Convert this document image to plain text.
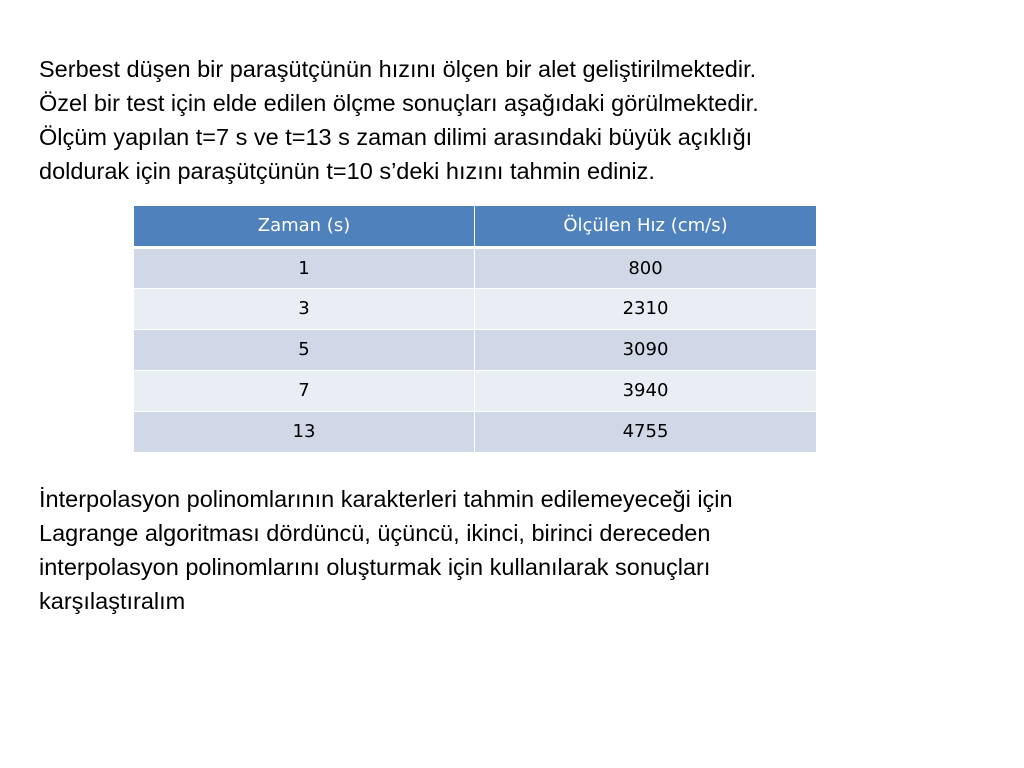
Serbest düşen bir paraşütçünün hızını ölçen bir alet geliştirilmektedir.
Özel bir test için elde edilen ölçme sonuçları aşağıdaki görülmektedir.
Ölçüm yapılan t=7 s ve t=13 s zaman dilimi arasındaki büyük açıklığı
doldurak için paraşütçünün t=10 s’deki hızını tahmin ediniz.
Zaman (s)	Ölçülen Hız (cm/s)
1	800
3	2310
5	3090
7	3940
13	4755
İnterpolasyon polinomlarının karakterleri tahmin edilemeyeceği için
Lagrange algoritması dördüncü, üçüncü, ikinci, birinci dereceden
interpolasyon polinomlarını oluşturmak için kullanılarak sonuçları
karşılaştıralım
